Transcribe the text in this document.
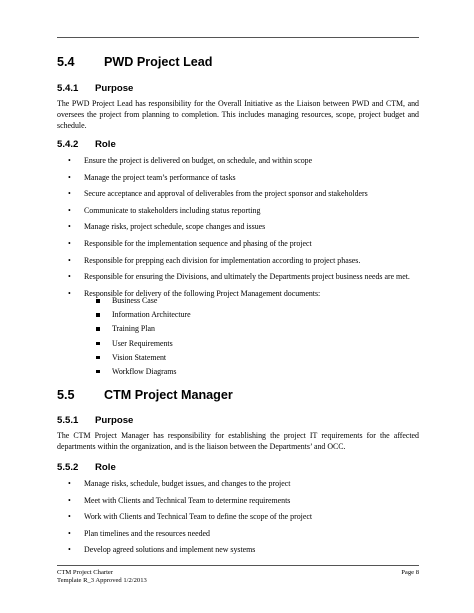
5.4 PWD Project Lead
5.4.1 Purpose
The PWD Project Lead has responsibility for the Overall Initiative as the Liaison between PWD and CTM, and oversees the project from planning to completion. This includes managing resources, scope, project budget and schedule.
5.4.2 Role
• Ensure the project is delivered on budget, on schedule, and within scope
• Manage the project team’s performance of tasks
• Secure acceptance and approval of deliverables from the project sponsor and stakeholders
• Communicate to stakeholders including status reporting
• Manage risks, project schedule, scope changes and issues
• Responsible for the implementation sequence and phasing of the project
• Responsible for prepping each division for implementation according to project phases.
• Responsible for ensuring the Divisions, and ultimately the Departments project business needs are met.
• Responsible for delivery of the following Project Management documents:
Business Case
Information Architecture
Training Plan
User Requirements
Vision Statement
Workflow Diagrams
5.5 CTM Project Manager
5.5.1 Purpose
The CTM Project Manager has responsibility for establishing the project IT requirements for the affected departments within the organization, and is the liaison between the Departments’ and OCC.
5.5.2 Role
• Manage risks, schedule, budget issues, and changes to the project
• Meet with Clients and Technical Team to determine requirements
• Work with Clients and Technical Team to define the scope of the project
• Plan timelines and the resources needed
• Develop agreed solutions and implement new systems
CTM Project Charter
Template R_3 Approved 1/2/2013
Page 8
